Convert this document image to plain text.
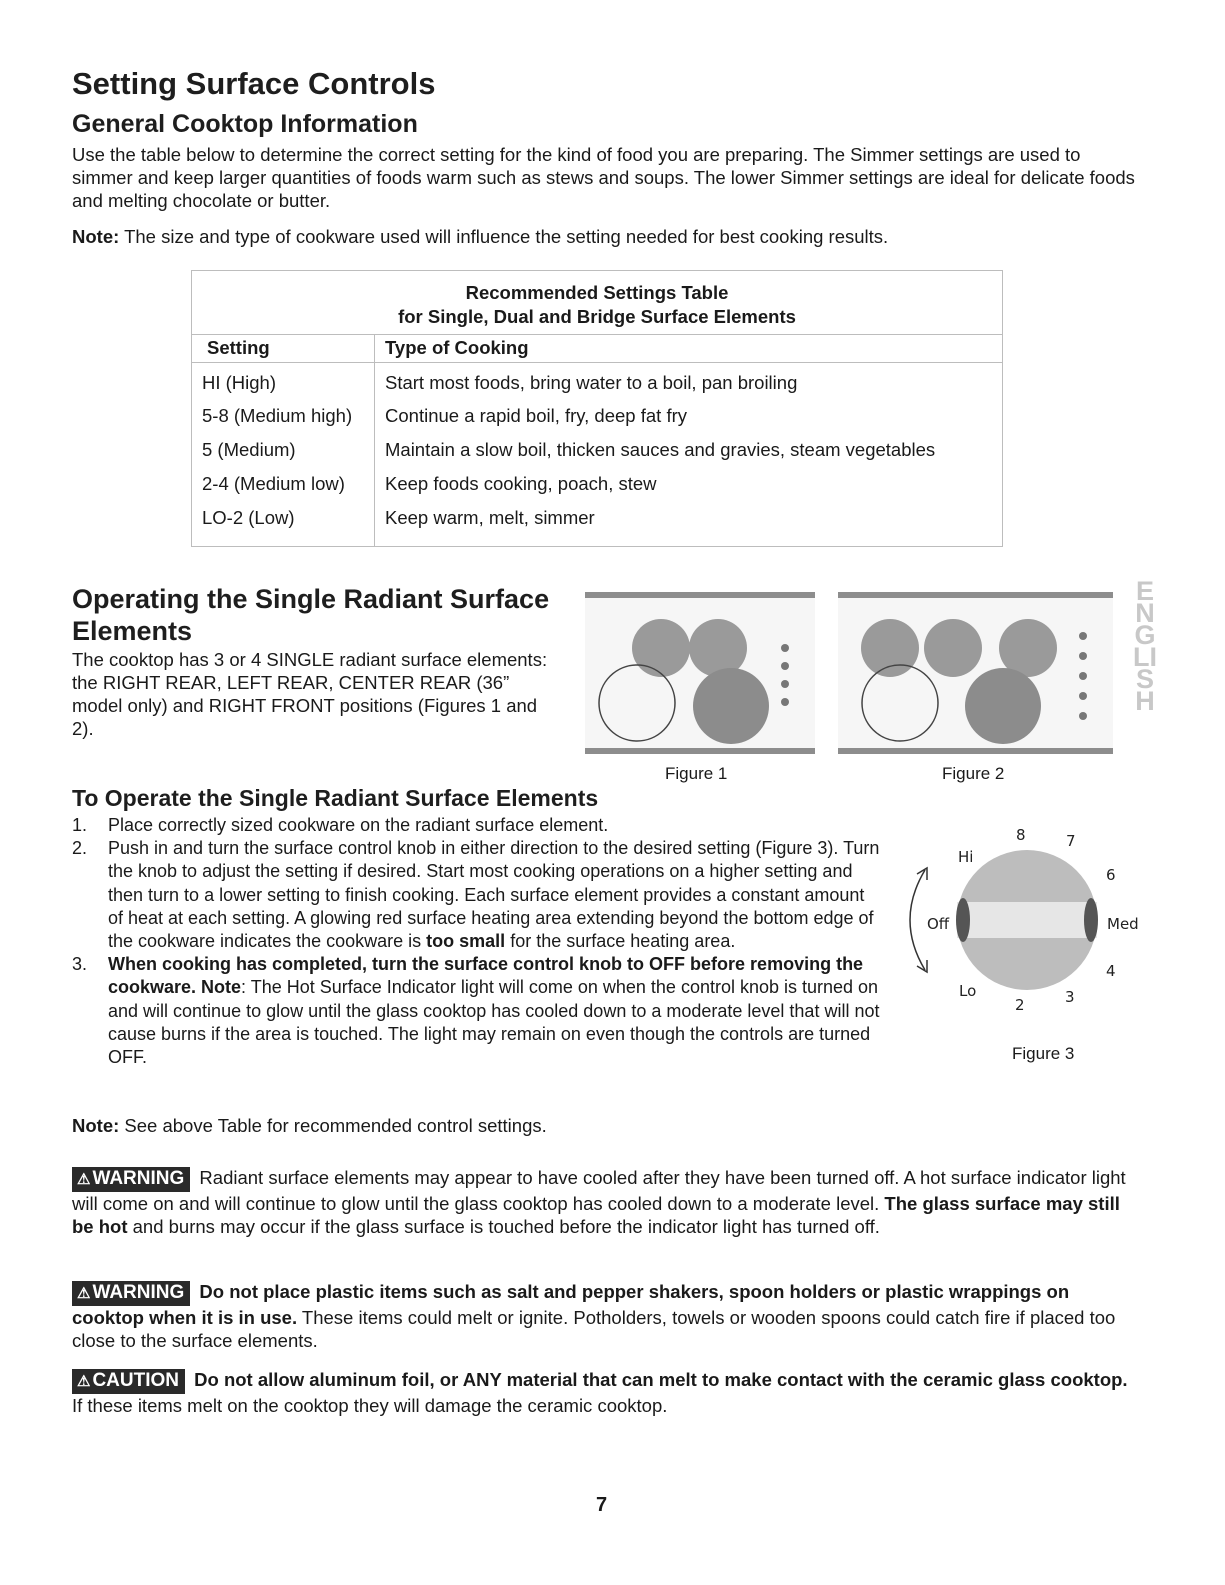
Setting Surface Controls
General Cooktop Information
Use the table below to determine the correct setting for the kind of food you are preparing. The Simmer settings are used to simmer and keep larger quantities of foods warm such as stews and soups. The lower Simmer settings are ideal for delicate foods and melting chocolate or butter.
Note: The size and type of cookware used will influence the setting needed for best cooking results.
Recommended Settings Table
for Single, Dual and Bridge Surface Elements
Setting	Type of Cooking
HI (High)	Start most foods, bring water to a boil, pan broiling
5-8 (Medium high) Continue a rapid boil, fry, deep fat fry
5 (Medium)	Maintain a slow boil, thicken sauces and gravies, steam vegetables
2-4 (Medium low) Keep foods cooking, poach, stew
LO-2 (Low)	Keep warm, melt, simmer
Operating the Single Radiant Surface
Elements
The cooktop has 3 or 4 SINGLE radiant surface elements: the RIGHT REAR, LEFT REAR, CENTER REAR (36” model only) and RIGHT FRONT positions (Figures 1 and 2).
Figure 1	Figure 2
ENGLISH
To Operate the Single Radiant Surface Elements
1. Place correctly sized cookware on the radiant surface element.
2. Push in and turn the surface control knob in either direction to the desired setting (Figure 3). Turn the knob to adjust the setting if desired. Start most cooking operations on a higher setting and then turn to a lower setting to finish cooking. Each surface element provides a constant amount of heat at each setting. A glowing red surface heating area extending beyond the bottom edge of the cookware indicates the cookware is too small for the surface heating area.
3. When cooking has completed, turn the surface control knob to OFF before removing the cookware. Note: The Hot Surface Indicator light will come on when the control knob is turned on and will continue to glow until the glass cooktop has cooled down to a moderate level that will not cause burns if the area is touched. The light may remain on even though the controls are turned OFF.
Note: See above Table for recommended control settings.
Hi
8	7
6
Off	Med
4
Lo	3
2
Figure 3
⚠ WARNING Radiant surface elements may appear to have cooled after they have been turned off. A hot surface indicator light will come on and will continue to glow until the glass cooktop has cooled down to a moderate level. The glass surface may still be hot and burns may occur if the glass surface is touched before the indicator light has turned off.
⚠ WARNING Do not place plastic items such as salt and pepper shakers, spoon holders or plastic wrappings on cooktop when it is in use. These items could melt or ignite. Potholders, towels or wooden spoons could catch fire if placed too close to the surface elements.
⚠ CAUTION Do not allow aluminum foil, or ANY material that can melt to make contact with the ceramic glass cooktop. If these items melt on the cooktop they will damage the ceramic cooktop.
7
